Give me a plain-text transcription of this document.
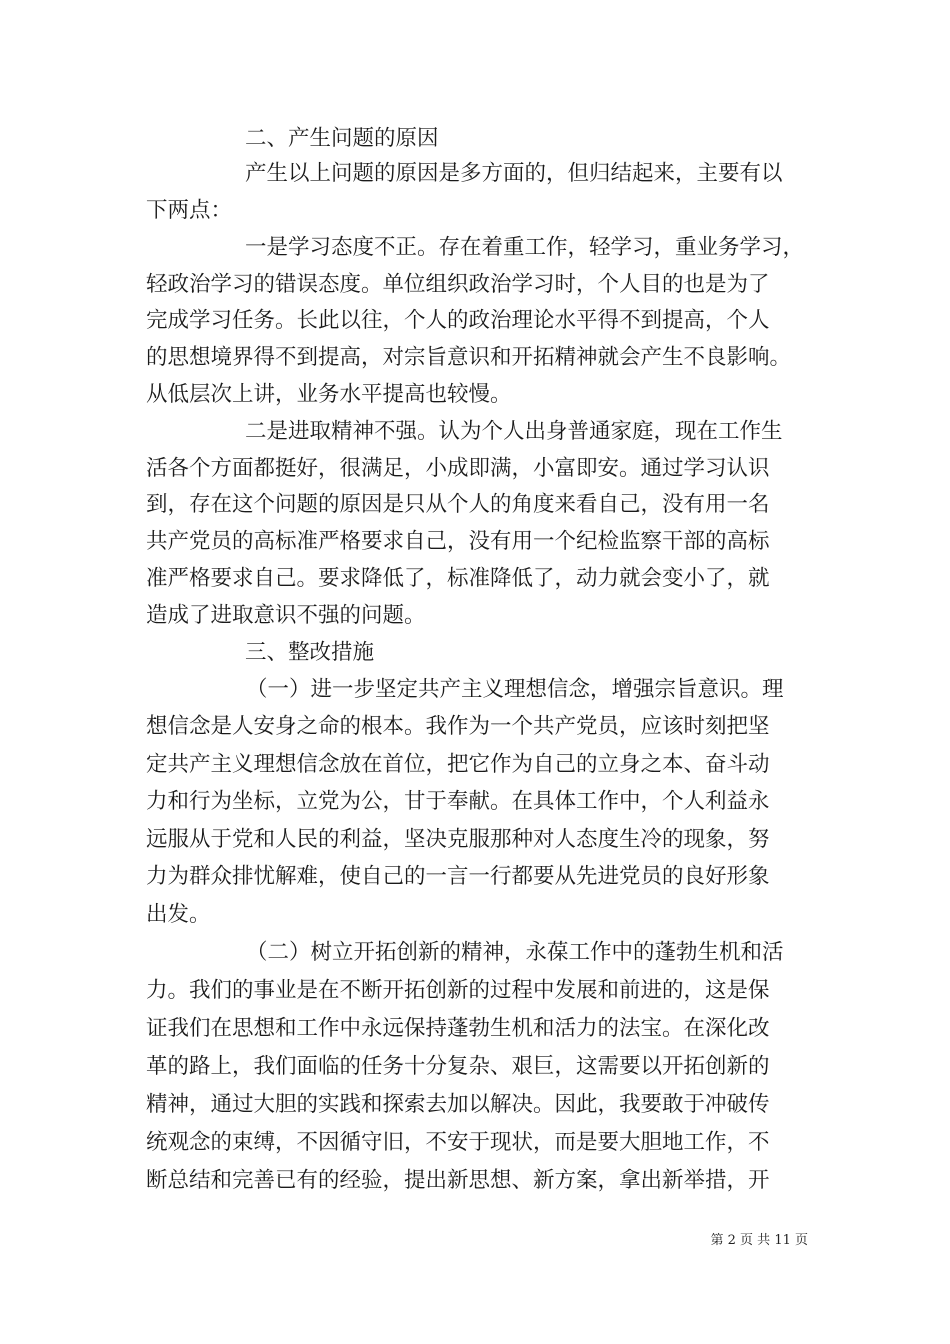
二、产生问题的原因
产生以上问题的原因是多方面的，但归结起来，主要有以
下两点：
一是学习态度不正。存在着重工作，轻学习，重业务学习，
轻政治学习的错误态度。单位组织政治学习时，个人目的也是为了
完成学习任务。长此以往，个人的政治理论水平得不到提高，个人
的思想境界得不到提高，对宗旨意识和开拓精神就会产生不良影响。
从低层次上讲，业务水平提高也较慢。
二是进取精神不强。认为个人出身普通家庭，现在工作生
活各个方面都挺好，很满足，小成即满，小富即安。通过学习认识
到，存在这个问题的原因是只从个人的角度来看自己，没有用一名
共产党员的高标准严格要求自己，没有用一个纪检监察干部的高标
准严格要求自己。要求降低了，标准降低了，动力就会变小了，就
造成了进取意识不强的问题。
三、整改措施
（一）进一步坚定共产主义理想信念，增强宗旨意识。理
想信念是人安身之命的根本。我作为一个共产党员，应该时刻把坚
定共产主义理想信念放在首位，把它作为自己的立身之本、奋斗动
力和行为坐标，立党为公，甘于奉献。在具体工作中，个人利益永
远服从于党和人民的利益，坚决克服那种对人态度生冷的现象，努
力为群众排忧解难，使自己的一言一行都要从先进党员的良好形象
出发。
（二）树立开拓创新的精神，永葆工作中的蓬勃生机和活
力。我们的事业是在不断开拓创新的过程中发展和前进的，这是保
证我们在思想和工作中永远保持蓬勃生机和活力的法宝。在深化改
革的路上，我们面临的任务十分复杂、艰巨，这需要以开拓创新的
精神，通过大胆的实践和探索去加以解决。因此，我要敢于冲破传
统观念的束缚，不因循守旧，不安于现状，而是要大胆地工作，不
断总结和完善已有的经验，提出新思想、新方案，拿出新举措，开
第 2 页 共 11 页
